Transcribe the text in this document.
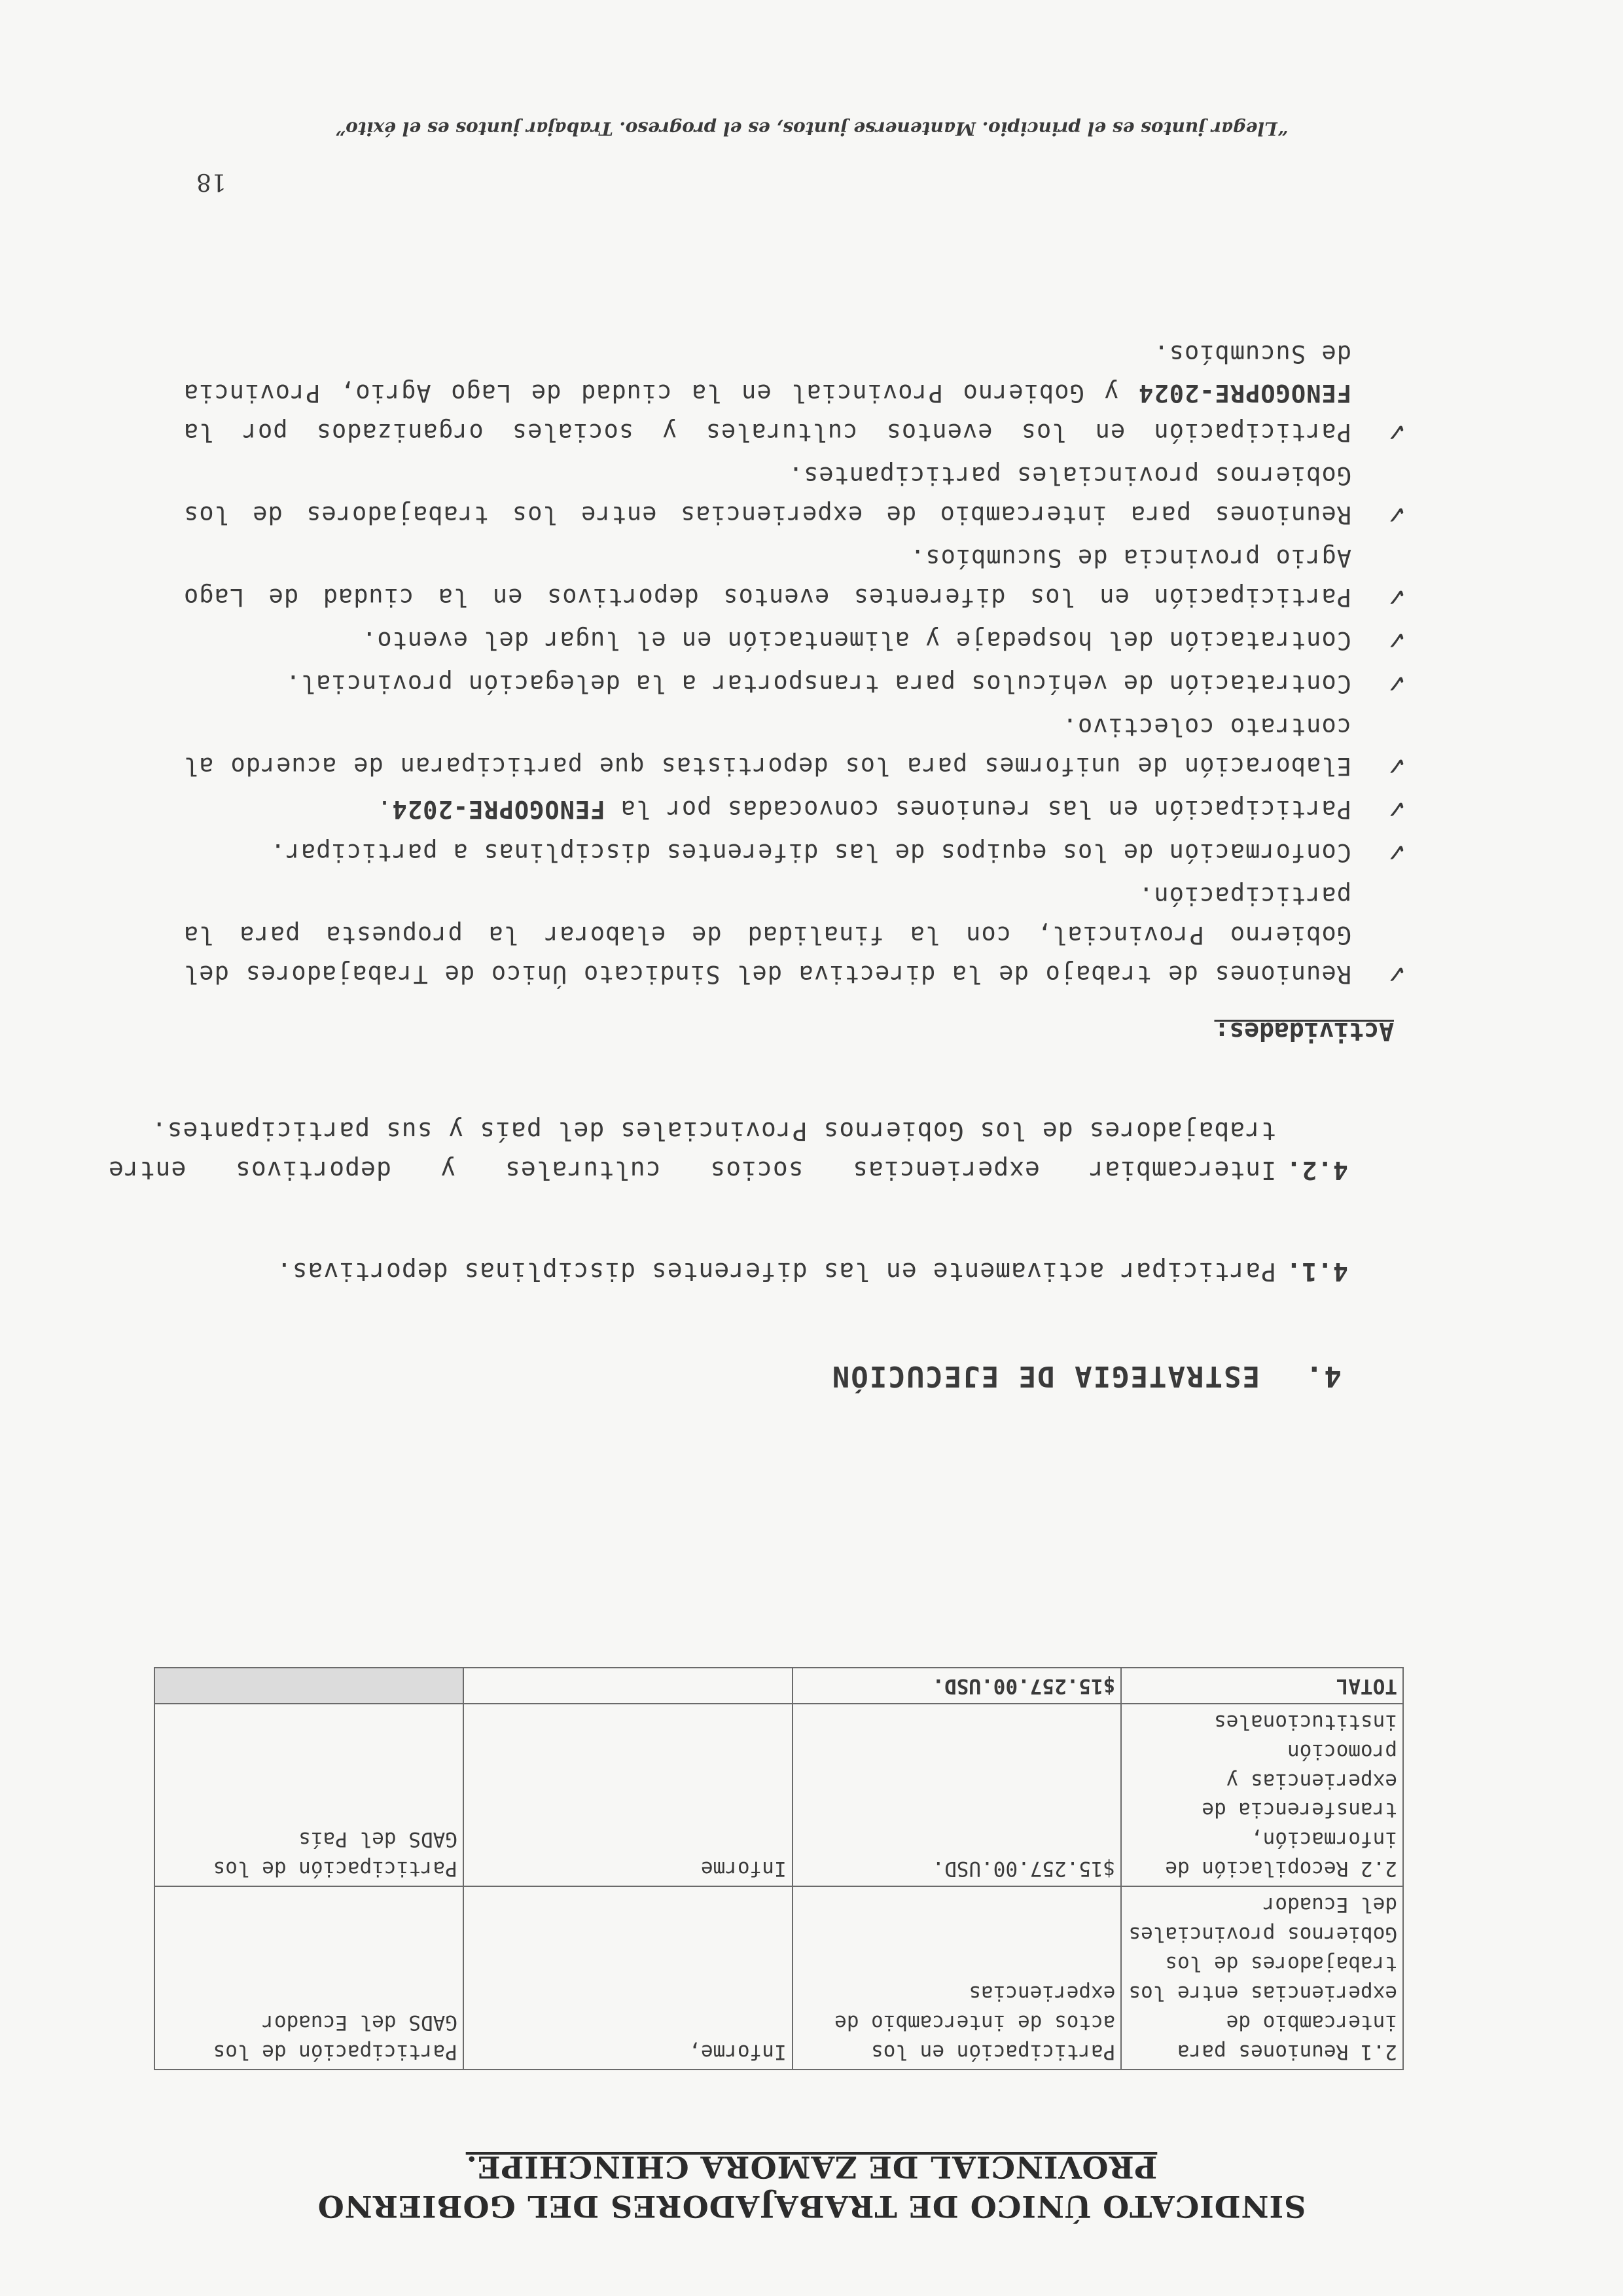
SINDICATO ÚNICO DE TRABAJADORES DEL GOBIERNO
PROVINCIAL DE ZAMORA CHINCHIPE.
2.1 Reuniones para intercambio de experiencias entre los trabajadores de los Gobiernos provinciales del Ecuador	Participación en los actos de intercambio de experiencias	Informe,	Participación de los GADS del Ecuador
2.2 Recopilación de información, transferencia de experiencias y promoción institucionales	$15.257.00.USD.	Informe	Participación de los GADS del País
TOTAL	$15.257.00.USD.		
4.ESTRATEGIA DE EJECUCIÓN
4.1.
Participar activamente en las diferentes disciplinas deportivas.
4.2.
Intercambiar experiencias socios culturales y deportivos entre trabajadores de los Gobiernos Provinciales del país y sus participantes.
Actividades:
✓
Reuniones de trabajo de la directiva del Sindicato Único de Trabajadores del Gobierno Provincial, con la finalidad de elaborar la propuesta para la participación.
✓
Conformación de los equipos de las diferentes disciplinas a participar.
✓
Participación en las reuniones convocadas por la FENOGOPRE-2024.
✓
Elaboración de uniformes para los deportistas que participaran de acuerdo al contrato colectivo.
✓
Contratación de vehículos para transportar a la delegación provincial.
✓
Contratación del hospedaje y alimentación en el lugar del evento.
✓
Participación en los diferentes eventos deportivos en la ciudad de Lago Agrio provincia de Sucumbíos.
✓
Reuniones para intercambio de experiencias entre los trabajadores de los Gobiernos provinciales participantes.
✓
Participación en los eventos culturales y sociales organizados por la FENOGOPRE-2024 y Gobierno Provincial en la ciudad de Lago Agrio, Provincia de Sucumbíos.
18
“Llegar juntos es el principio. Mantenerse juntos, es el progreso. Trabajar juntos es el éxito”
